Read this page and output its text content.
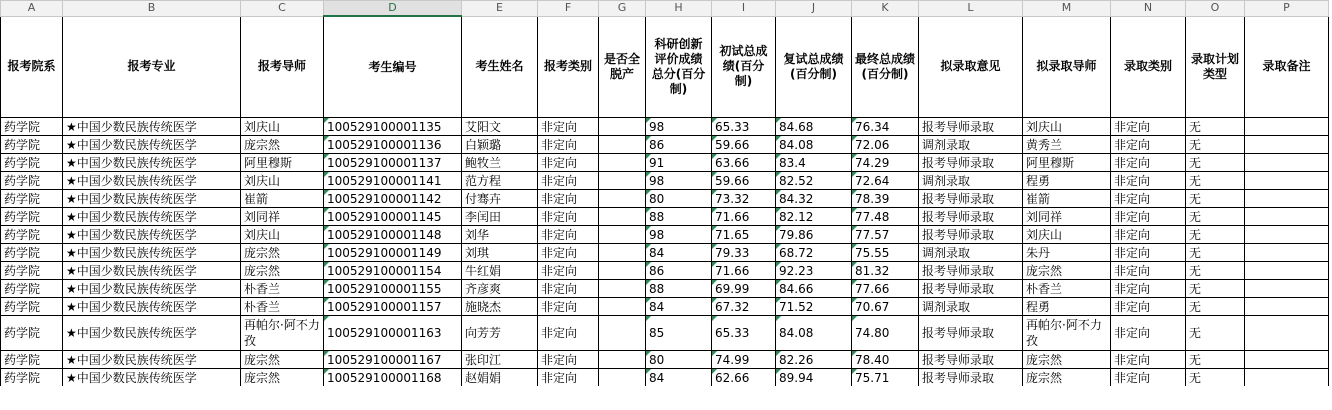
A	B	C	D	E	F	G	H	I	J	K	L	M	N	O	P
报考院系	报考专业	报考导师	考生编号	考生姓名	报考类别	是否全脱产	科研创新评价成绩总分(百分制)	初试总成绩(百分制)	复试总成绩(百分制)	最终总成绩(百分制)	拟录取意见	拟录取导师	录取类别	录取计划类型	录取备注
药学院	★中国少数民族传统医学	刘庆山	100529100001135	艾阳文	非定向		98	65.33	84.68	76.34	报考导师录取	刘庆山	非定向	无	
药学院	★中国少数民族传统医学	庞宗然	100529100001136	白颖璐	非定向		86	59.66	84.08	72.06	调剂录取	黄秀兰	非定向	无	
药学院	★中国少数民族传统医学	阿里穆斯	100529100001137	鲍牧兰	非定向		91	63.66	83.4	74.29	报考导师录取	阿里穆斯	非定向	无	
药学院	★中国少数民族传统医学	刘庆山	100529100001141	范方程	非定向		98	59.66	82.52	72.64	调剂录取	程勇	非定向	无	
药学院	★中国少数民族传统医学	崔箭	100529100001142	付骞卉	非定向		80	73.32	84.32	78.39	报考导师录取	崔箭	非定向	无	
药学院	★中国少数民族传统医学	刘同祥	100529100001145	李闰田	非定向		88	71.66	82.12	77.48	报考导师录取	刘同祥	非定向	无	
药学院	★中国少数民族传统医学	刘庆山	100529100001148	刘华	非定向		98	71.65	79.86	77.57	报考导师录取	刘庆山	非定向	无	
药学院	★中国少数民族传统医学	庞宗然	100529100001149	刘琪	非定向		84	79.33	68.72	75.55	调剂录取	朱丹	非定向	无	
药学院	★中国少数民族传统医学	庞宗然	100529100001154	牛红娟	非定向		86	71.66	92.23	81.32	报考导师录取	庞宗然	非定向	无	
药学院	★中国少数民族传统医学	朴香兰	100529100001155	齐彦爽	非定向		88	69.99	84.66	77.66	报考导师录取	朴香兰	非定向	无	
药学院	★中国少数民族传统医学	朴香兰	100529100001157	施晓杰	非定向		84	67.32	71.52	70.67	调剂录取	程勇	非定向	无	
药学院	★中国少数民族传统医学	再帕尔·阿不力孜	100529100001163	向芳芳	非定向		85	65.33	84.08	74.80	报考导师录取	再帕尔·阿不力孜	非定向	无	
药学院	★中国少数民族传统医学	庞宗然	100529100001167	张印江	非定向		80	74.99	82.26	78.40	报考导师录取	庞宗然	非定向	无	
药学院	★中国少数民族传统医学	庞宗然	100529100001168	赵娟娟	非定向		84	62.66	89.94	75.71	报考导师录取	庞宗然	非定向	无	
